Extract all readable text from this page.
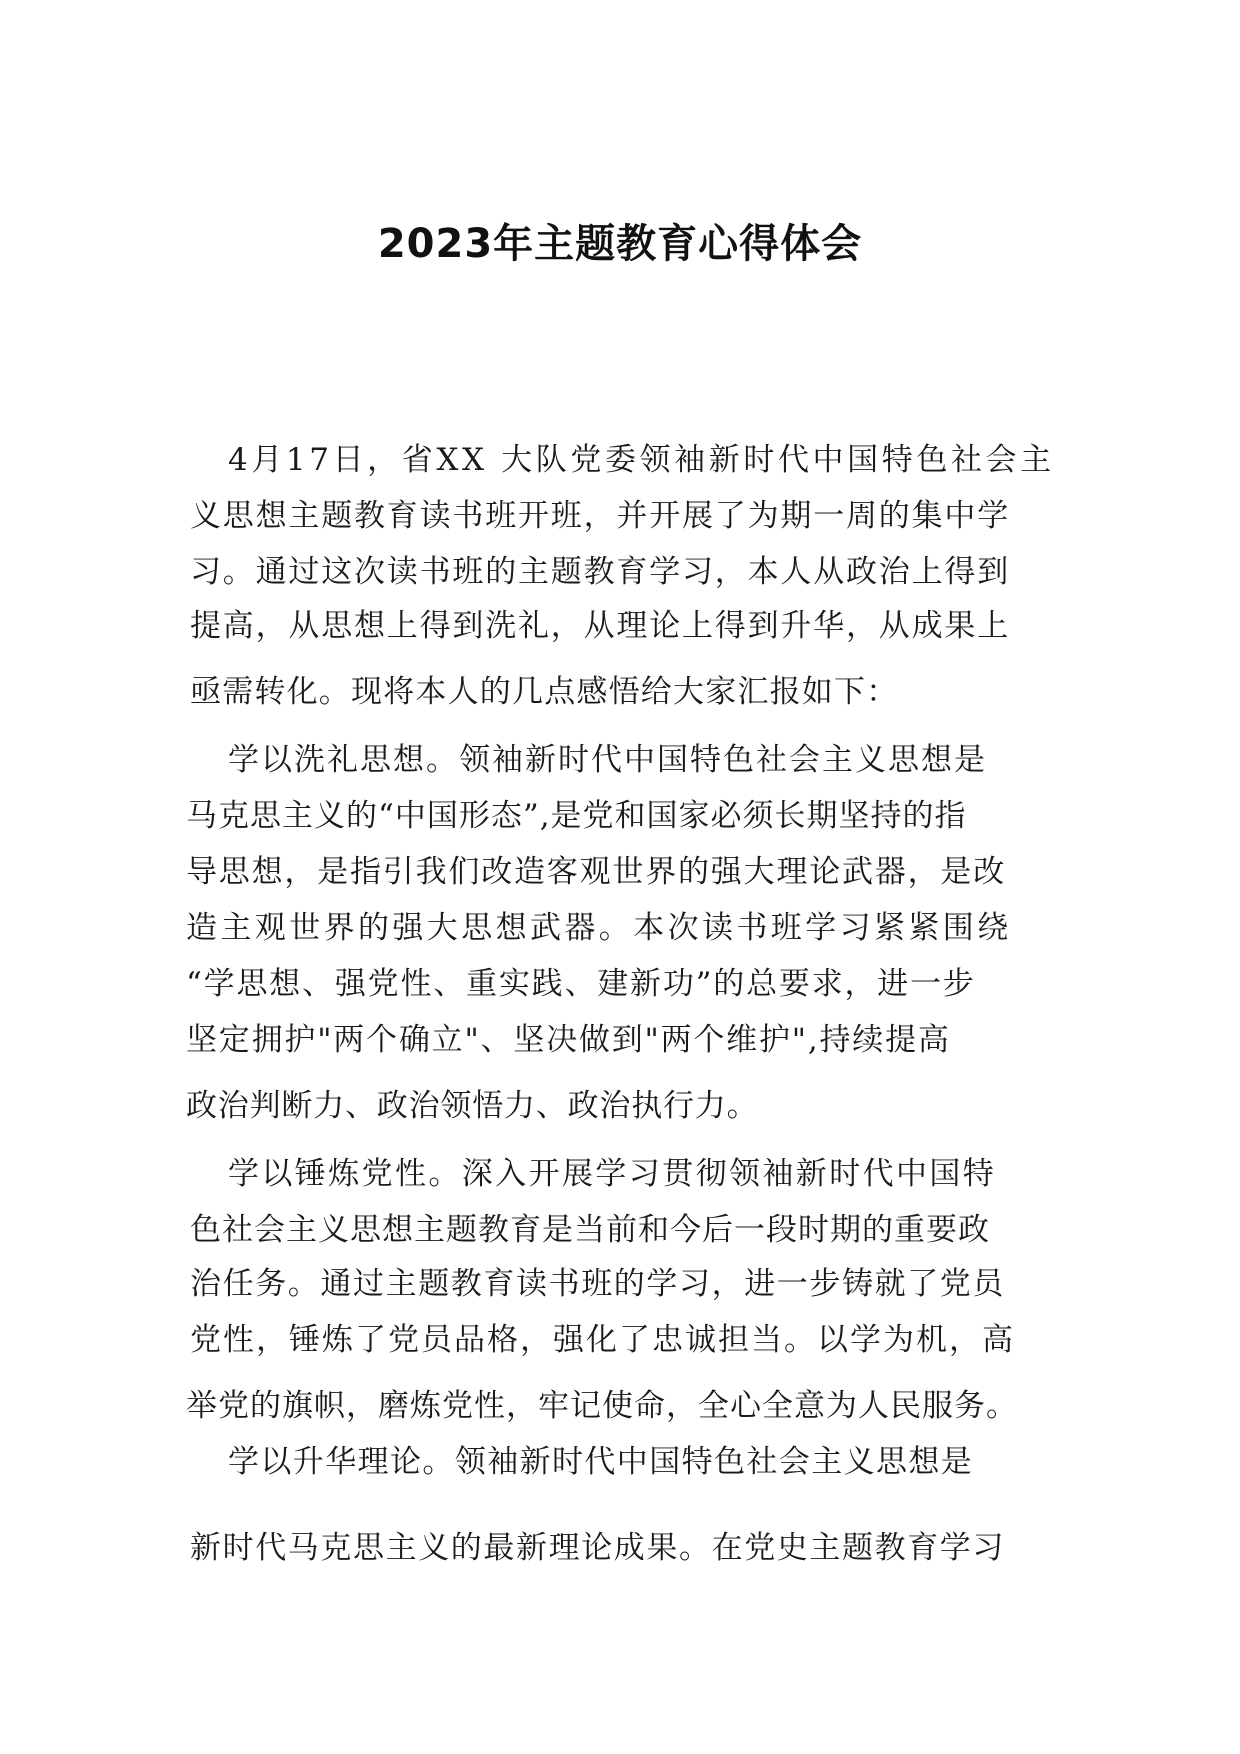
2023年主题教育心得体会
4月17日，省XX 大队党委领袖新时代中国特色社会主
义思想主题教育读书班开班，并开展了为期一周的集中学
习。通过这次读书班的主题教育学习，本人从政治上得到
提高，从思想上得到洗礼，从理论上得到升华，从成果上
亟需转化。现将本人的几点感悟给大家汇报如下：
学以洗礼思想。领袖新时代中国特色社会主义思想是
马克思主义的“中国形态”,是党和国家必须长期坚持的指
导思想，是指引我们改造客观世界的强大理论武器，是改
造主观世界的强大思想武器。本次读书班学习紧紧围绕
“学思想、强党性、重实践、建新功”的总要求，进一步
坚定拥护"两个确立"、坚决做到"两个维护",持续提高
政治判断力、政治领悟力、政治执行力。
学以锤炼党性。深入开展学习贯彻领袖新时代中国特
色社会主义思想主题教育是当前和今后一段时期的重要政
治任务。通过主题教育读书班的学习，进一步铸就了党员
党性，锤炼了党员品格，强化了忠诚担当。以学为机，高
举党的旗帜，磨炼党性，牢记使命，全心全意为人民服务。
学以升华理论。领袖新时代中国特色社会主义思想是
新时代马克思主义的最新理论成果。在党史主题教育学习
